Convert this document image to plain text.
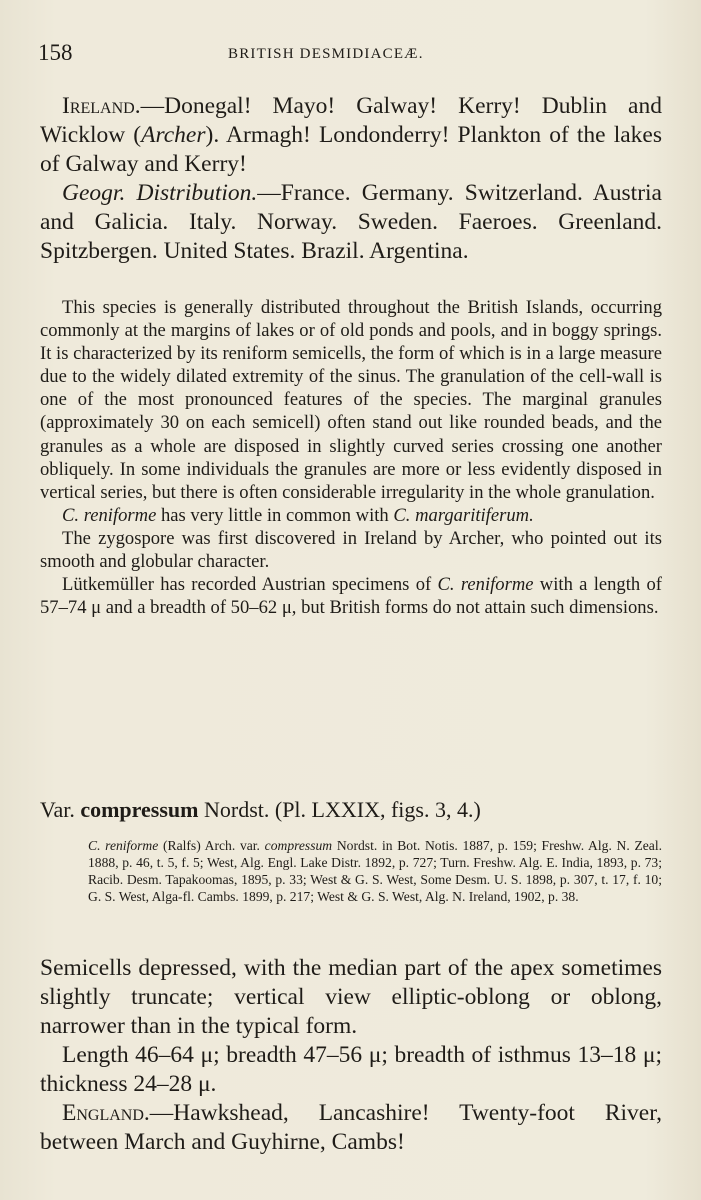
158	BRITISH DESMIDIACEÆ.

Ireland.—Donegal! Mayo! Galway! Kerry! Dublin and Wicklow (Archer). Armagh! Londonderry! Plankton of the lakes of Galway and Kerry!

Geogr. Distribution.—France. Germany. Switzerland. Austria and Galicia. Italy. Norway. Sweden. Faeroes. Greenland. Spitzbergen. United States. Brazil. Argentina.

This species is generally distributed throughout the British Islands, occurring commonly at the margins of lakes or of old ponds and pools, and in boggy springs. It is characterized by its reniform semicells, the form of which is in a large measure due to the widely dilated extremity of the sinus. The granulation of the cell-wall is one of the most pronounced features of the species. The marginal granules (approximately 30 on each semicell) often stand out like rounded beads, and the granules as a whole are disposed in slightly curved series crossing one another obliquely. In some individuals the granules are more or less evidently disposed in vertical series, but there is often considerable irregularity in the whole granulation.

C. reniforme has very little in common with C. margaritiferum.

The zygospore was first discovered in Ireland by Archer, who pointed out its smooth and globular character.

Lütkemüller has recorded Austrian specimens of C. reniforme with a length of 57–74 μ and a breadth of 50–62 μ, but British forms do not attain such dimensions.

Var. compressum Nordst. (Pl. LXXIX, figs. 3, 4.)

C. reniforme (Ralfs) Arch. var. compressum Nordst. in Bot. Notis. 1887, p. 159; Freshw. Alg. N. Zeal. 1888, p. 46, t. 5, f. 5; West, Alg. Engl. Lake Distr. 1892, p. 727; Turn. Freshw. Alg. E. India, 1893, p. 73; Racib. Desm. Tapakoomas, 1895, p. 33; West & G. S. West, Some Desm. U. S. 1898, p. 307, t. 17, f. 10; G. S. West, Alga-fl. Cambs. 1899, p. 217; West & G. S. West, Alg. N. Ireland, 1902, p. 38.

Semicells depressed, with the median part of the apex sometimes slightly truncate; vertical view elliptic-oblong or oblong, narrower than in the typical form.

Length 46–64 μ; breadth 47–56 μ; breadth of isthmus 13–18 μ; thickness 24–28 μ.

England.—Hawkshead, Lancashire! Twenty-foot River, between March and Guyhirne, Cambs!
